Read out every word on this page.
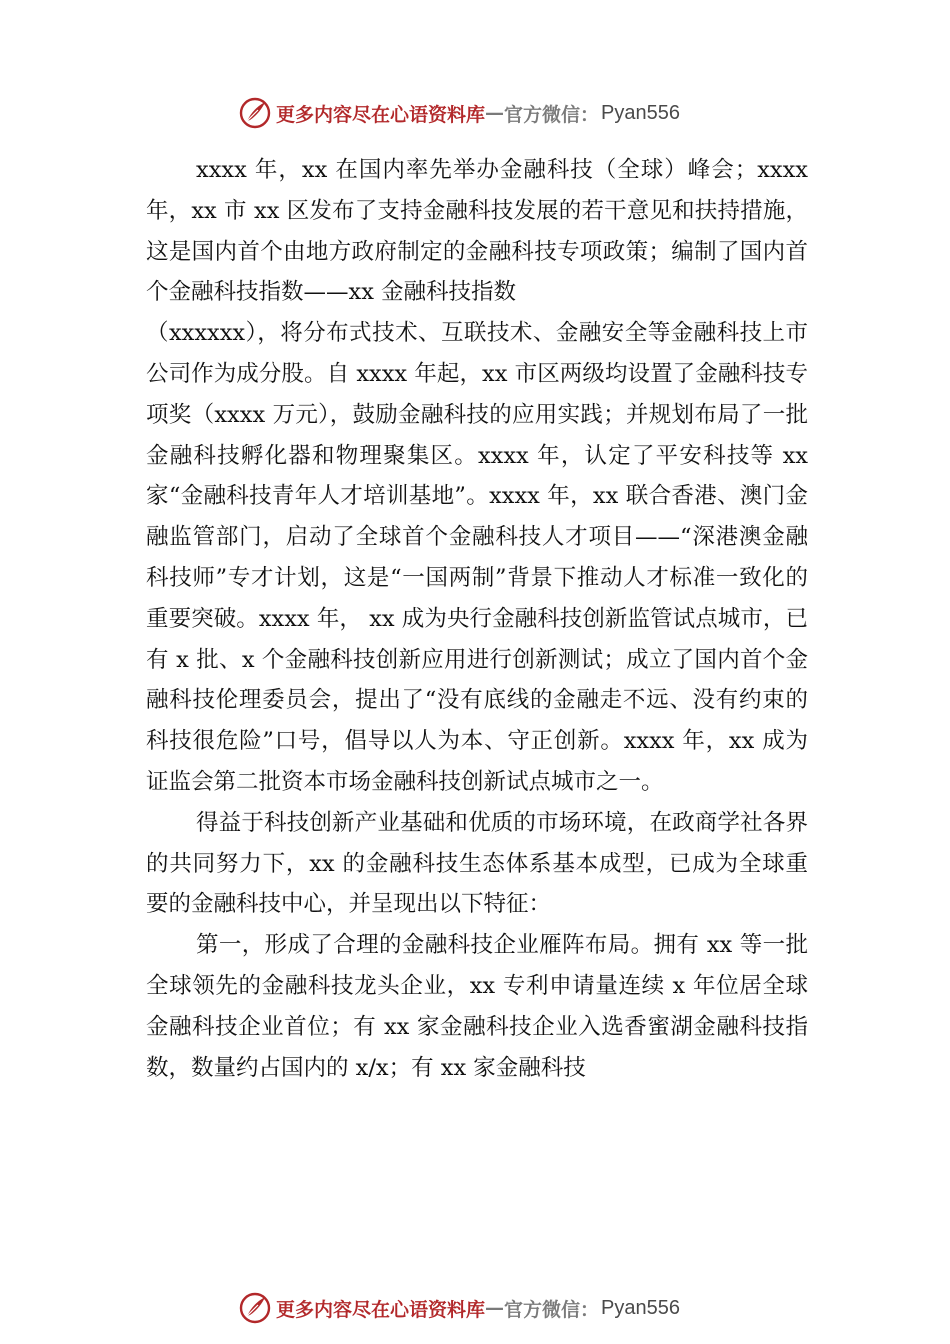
更多内容尽在心语资料库 — 官方微信： Pyan556

xxxx 年，xx 在国内率先举办金融科技（全球）峰会；xxxx 年，xx 市 xx 区发布了支持金融科技发展的若干意见和扶持措施，这是国内首个由地方政府制定的金融科技专项政策；编制了国内首个金融科技指数——xx 金融科技指数

（xxxxxx），将分布式技术、互联技术、金融安全等金融科技上市公司作为成分股。自 xxxx 年起，xx 市区两级均设置了金融科技专项奖（xxxx 万元），鼓励金融科技的应用实践；并规划布局了一批金融科技孵化器和物理聚集区。xxxx 年，认定了平安科技等 xx 家“金融科技青年人才培训基地”。xxxx 年，xx 联合香港、澳门金融监管部门，启动了全球首个金融科技人才项目——“深港澳金融科技师”专才计划，这是“一国两制”背景下推动人才标准一致化的重要突破。xxxx 年， xx 成为央行金融科技创新监管试点城市，已有 x 批、x 个金融科技创新应用进行创新测试；成立了国内首个金融科技伦理委员会，提出了“没有底线的金融走不远、没有约束的科技很危险”口号，倡导以人为本、守正创新。xxxx 年，xx 成为证监会第二批资本市场金融科技创新试点城市之一。

得益于科技创新产业基础和优质的市场环境，在政商学社各界的共同努力下，xx 的金融科技生态体系基本成型，已成为全球重要的金融科技中心，并呈现出以下特征：

第一，形成了合理的金融科技企业雁阵布局。拥有 xx 等一批全球领先的金融科技龙头企业，xx 专利申请量连续 x 年位居全球金融科技企业首位；有 xx 家金融科技企业入选香蜜湖金融科技指数，数量约占国内的 x/x；有 xx 家金融科技

更多内容尽在心语资料库 — 官方微信： Pyan556
